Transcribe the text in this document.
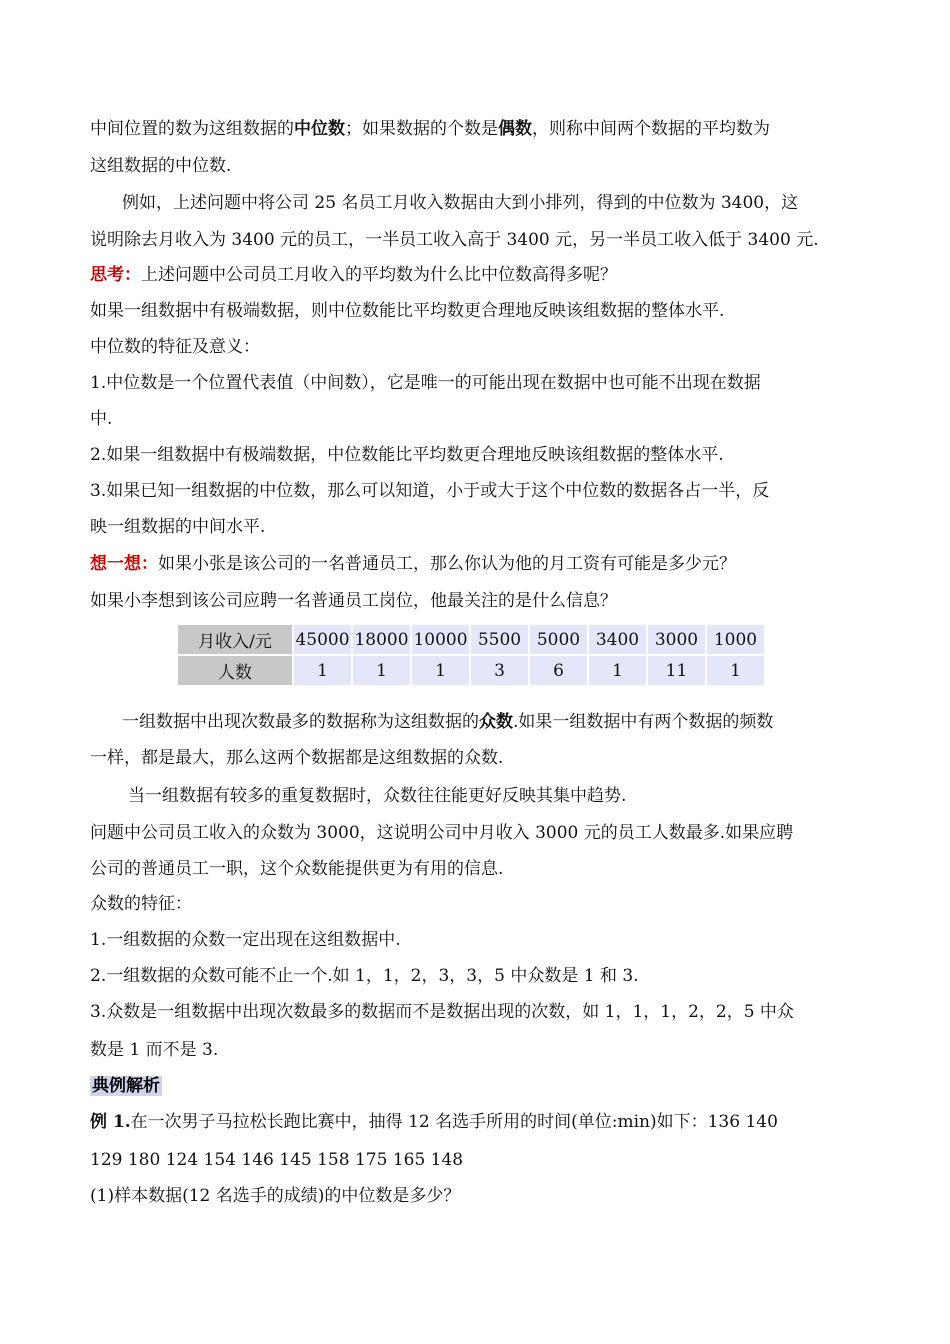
中间位置的数为这组数据的中位数；如果数据的个数是偶数，则称中间两个数据的平均数为
这组数据的中位数.
例如，上述问题中将公司 25 名员工月收入数据由大到小排列，得到的中位数为 3400，这
说明除去月收入为 3400 元的员工，一半员工收入高于 3400 元，另一半员工收入低于 3400 元.
思考：上述问题中公司员工月收入的平均数为什么比中位数高得多呢？
如果一组数据中有极端数据，则中位数能比平均数更合理地反映该组数据的整体水平.
中位数的特征及意义：
1.中位数是一个位置代表值（中间数），它是唯一的可能出现在数据中也可能不出现在数据
中.
2.如果一组数据中有极端数据，中位数能比平均数更合理地反映该组数据的整体水平.
3.如果已知一组数据的中位数，那么可以知道，小于或大于这个中位数的数据各占一半，反
映一组数据的中间水平.
想一想：如果小张是该公司的一名普通员工，那么你认为他的月工资有可能是多少元？
如果小李想到该公司应聘一名普通员工岗位，他最关注的是什么信息？
月收入/元	45000	18000	10000	5500	5000	3400	3000	1000
人数	1	1	1	3	6	1	11	1
一组数据中出现次数最多的数据称为这组数据的众数.如果一组数据中有两个数据的频数
一样，都是最大，那么这两个数据都是这组数据的众数.
当一组数据有较多的重复数据时，众数往往能更好反映其集中趋势.
问题中公司员工收入的众数为 3000，这说明公司中月收入 3000 元的员工人数最多.如果应聘
公司的普通员工一职，这个众数能提供更为有用的信息.
众数的特征：
1.一组数据的众数一定出现在这组数据中.
2.一组数据的众数可能不止一个.如 1，1，2，3，3，5 中众数是 1 和 3.
3.众数是一组数据中出现次数最多的数据而不是数据出现的次数，如 1，1，1，2，2，5 中众
数是 1 而不是 3.
典例解析
例 1.在一次男子马拉松长跑比赛中，抽得 12 名选手所用的时间(单位:min)如下：136 140
129 180 124 154 146 145 158 175 165 148
(1)样本数据(12 名选手的成绩)的中位数是多少？
